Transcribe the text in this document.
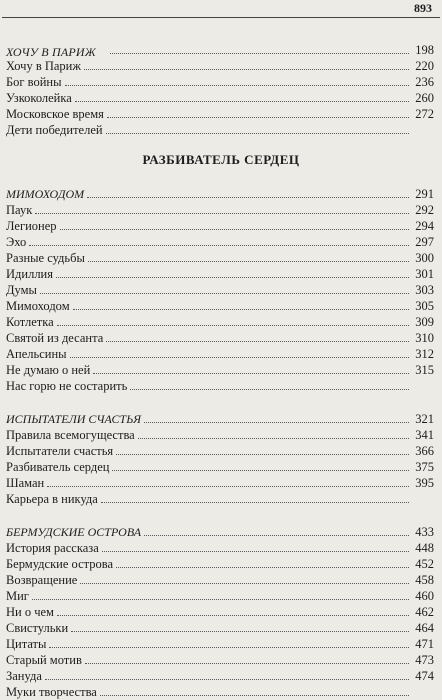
893
ХОЧУ В ПАРИЖ	198
Хочу в Париж	220
Бог войны	236
Узкоколейка	260
Московское время	272
Дети победителей
РАЗБИВАТЕЛЬ СЕРДЕЦ
МИМОХОДОМ	291
Паук	292
Легионер	294
Эхо	297
Разные судьбы	300
Идиллия	301
Думы	303
Мимоходом	305
Котлетка	309
Святой из десанта	310
Апельсины	312
Не думаю о ней	315
Нас горю не состарить
ИСПЫТАТЕЛИ СЧАСТЬЯ	321
Правила всемогущества	341
Испытатели счастья	366
Разбиватель сердец	375
Шаман	395
Карьера в никуда
БЕРМУДСКИЕ ОСТРОВА	433
История рассказа	448
Бермудские острова	452
Возвращение	458
Миг	460
Ни о чем	462
Свистульки	464
Цитаты	471
Старый мотив	473
Зануда	474
Муки творчества
